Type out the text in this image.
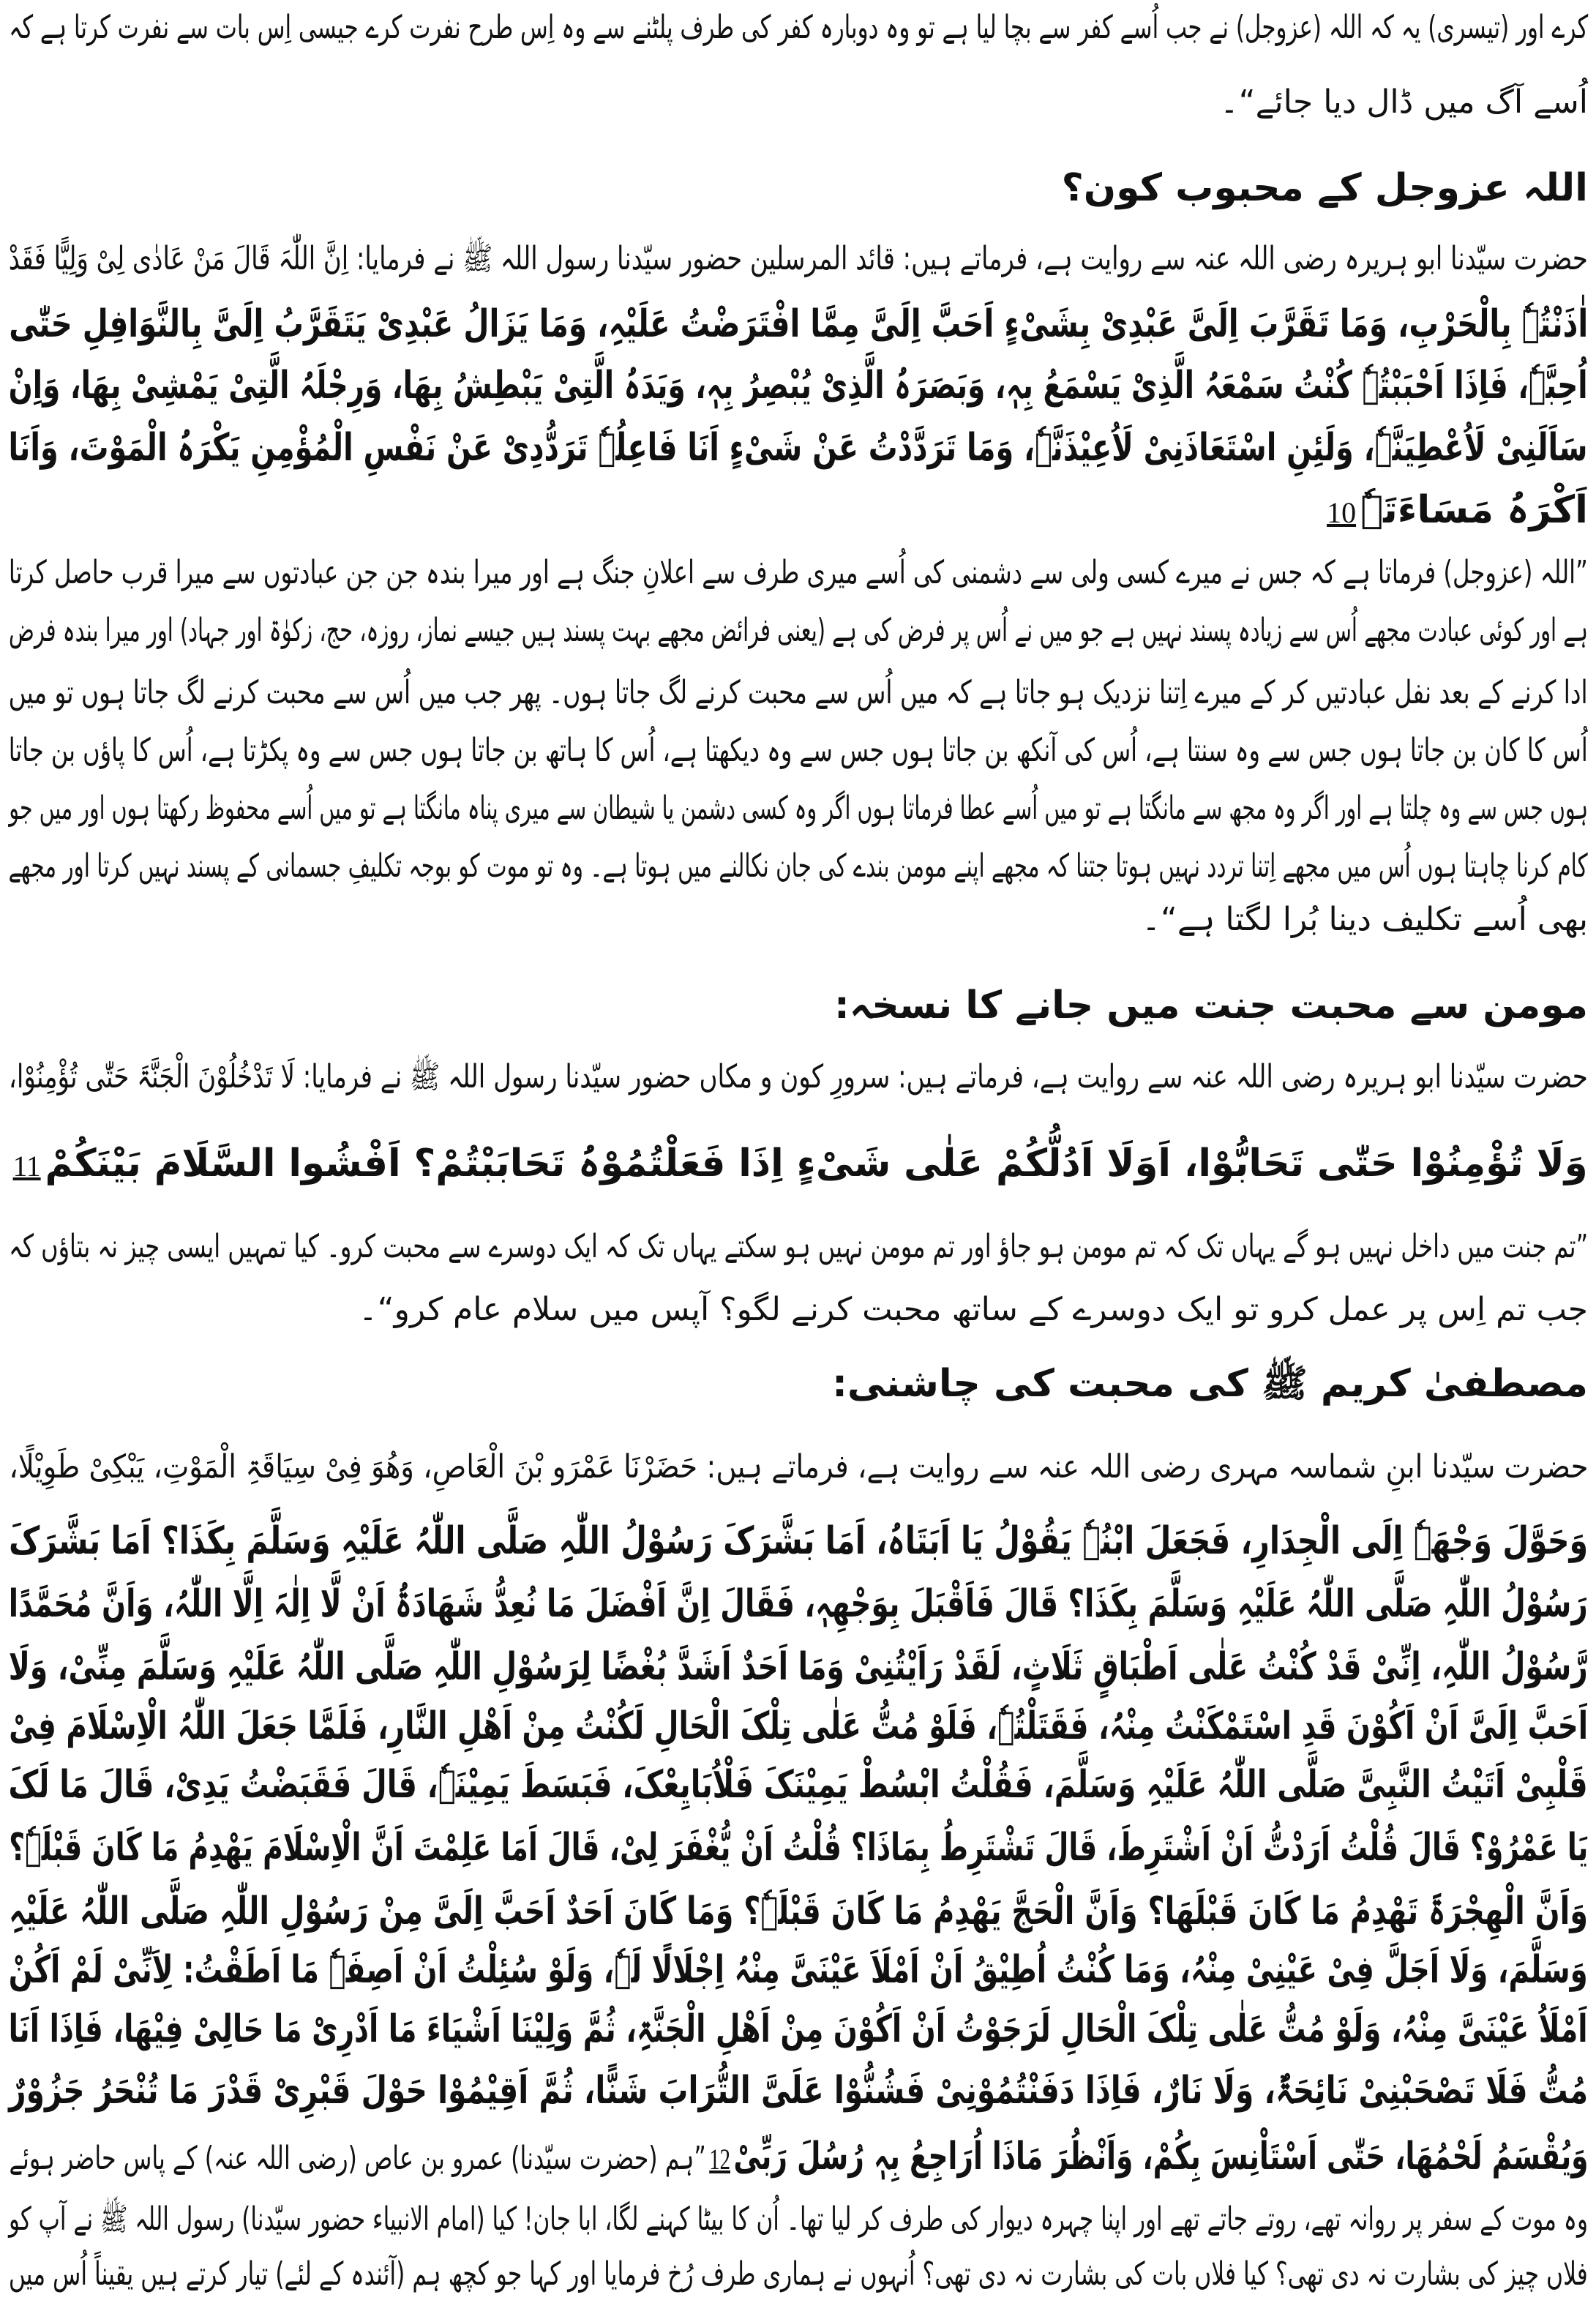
کرے اور (تیسری) یہ کہ اللہ (عزوجل) نے جب اُسے کفر سے بچا لیا ہے تو وہ دوبارہ کفر کی طرف پلٹنے سے وہ اِس طرح نفرت کرے جیسی اِس بات سے نفرت کرتا ہے کہ
اُسے آگ میں ڈال دیا جائے“۔
اللہ عزوجل کے محبوب کون؟
حضرت سیّدنا ابو ہریرہ رضی اللہ عنہ سے روایت ہے، فرماتے ہیں: قائد المرسلین حضور سیّدنا رسول اللہ ﷺ نے فرمایا: اِنَّ اللّٰہَ قَالَ مَنْ عَادٰی لِیْ وَلِیًّا فَقَدْ
اٰذَنْتُہٗ بِالْحَرْبِ، وَمَا تَقَرَّبَ اِلَیَّ عَبْدِیْ بِشَیْءٍ اَحَبَّ اِلَیَّ مِمَّا افْتَرَضْتُ عَلَیْہِ، وَمَا یَزَالُ عَبْدِیْ یَتَقَرَّبُ اِلَیَّ بِالنَّوَافِلِ حَتّٰی
اُحِبَّہٗ، فَاِذَا اَحْبَبْتُہٗ کُنْتُ سَمْعَہُ الَّذِیْ یَسْمَعُ بِہٖ، وَبَصَرَہُ الَّذِیْ یُبْصِرُ بِہٖ، وَیَدَہُ الَّتِیْ یَبْطِشُ بِھَا، وَرِجْلَہُ الَّتِیْ یَمْشِیْ بِھَا، وَاِنْ
سَاَلَنِیْ لَاُعْطِیَنَّہٗ، وَلَئِنِ اسْتَعَاذَنِیْ لَاُعِیْذَنَّہٗ، وَمَا تَرَدَّدْتُ عَنْ شَیْءٍ اَنَا فَاعِلُہٗ تَرَدُّدِیْ عَنْ نَفْسِ الْمُؤْمِنِ یَکْرَہُ الْمَوْتَ، وَاَنَا
اَکْرَہُ مَسَاءَتَہٗ10
”اللہ (عزوجل) فرماتا ہے کہ جس نے میرے کسی ولی سے دشمنی کی اُسے میری طرف سے اعلانِ جنگ ہے اور میرا بندہ جن جن عبادتوں سے میرا قرب حاصل کرتا
ہے اور کوئی عبادت مجھے اُس سے زیادہ پسند نہیں ہے جو میں نے اُس پر فرض کی ہے (یعنی فرائض مجھے بہت پسند ہیں جیسے نماز، روزہ، حج، زکوٰۃ اور جہاد) اور میرا بندہ فرض
ادا کرنے کے بعد نفل عبادتیں کر کے میرے اِتنا نزدیک ہو جاتا ہے کہ میں اُس سے محبت کرنے لگ جاتا ہوں۔ پھر جب میں اُس سے محبت کرنے لگ جاتا ہوں تو میں
اُس کا کان بن جاتا ہوں جس سے وہ سنتا ہے، اُس کی آنکھ بن جاتا ہوں جس سے وہ دیکھتا ہے، اُس کا ہاتھ بن جاتا ہوں جس سے وہ پکڑتا ہے، اُس کا پاؤں بن جاتا
ہوں جس سے وہ چلتا ہے اور اگر وہ مجھ سے مانگتا ہے تو میں اُسے عطا فرماتا ہوں اگر وہ کسی دشمن یا شیطان سے میری پناہ مانگتا ہے تو میں اُسے محفوظ رکھتا ہوں اور میں جو
کام کرنا چاہتا ہوں اُس میں مجھے اِتنا تردد نہیں ہوتا جتنا کہ مجھے اپنے مومن بندے کی جان نکالنے میں ہوتا ہے۔ وہ تو موت کو بوجہ تکلیفِ جسمانی کے پسند نہیں کرتا اور مجھے
بھی اُسے تکلیف دینا بُرا لگتا ہے“۔
مومن سے محبت جنت میں جانے کا نسخہ:
حضرت سیّدنا ابو ہریرہ رضی اللہ عنہ سے روایت ہے، فرماتے ہیں: سرورِ کون و مکاں حضور سیّدنا رسول اللہ ﷺ نے فرمایا: لَا تَدْخُلُوْنَ الْجَنَّۃَ حَتّٰی تُؤْمِنُوْا،
وَلَا تُؤْمِنُوْا حَتّٰی تَحَابُّوْا، اَوَلَا اَدُلُّکُمْ عَلٰی شَیْءٍ اِذَا فَعَلْتُمُوْہُ تَحَابَبْتُمْ؟ اَفْشُوا السَّلَامَ بَیْنَکُمْ11
”تم جنت میں داخل نہیں ہو گے یہاں تک کہ تم مومن ہو جاؤ اور تم مومن نہیں ہو سکتے یہاں تک کہ ایک دوسرے سے محبت کرو۔ کیا تمہیں ایسی چیز نہ بتاؤں کہ
جب تم اِس پر عمل کرو تو ایک دوسرے کے ساتھ محبت کرنے لگو؟ آپس میں سلام عام کرو“۔
مصطفیٰ کریم ﷺ کی محبت کی چاشنی:
حضرت سیّدنا ابنِ شماسہ مہری رضی اللہ عنہ سے روایت ہے، فرماتے ہیں: حَضَرْنَا عَمْرَو بْنَ الْعَاصِ، وَھُوَ فِیْ سِیَاقَۃِ الْمَوْتِ، یَبْکِیْ طَوِیْلًا،
وَحَوَّلَ وَجْھَہٗ اِلَی الْجِدَارِ، فَجَعَلَ ابْنُہٗ یَقُوْلُ یَا اَبَتَاہُ، اَمَا بَشَّرَکَ رَسُوْلُ اللّٰہِ صَلَّی اللّٰہُ عَلَیْہِ وَسَلَّمَ بِکَذَا؟ اَمَا بَشَّرَکَ
رَسُوْلُ اللّٰہِ صَلَّی اللّٰہُ عَلَیْہِ وَسَلَّمَ بِکَذَا؟ قَالَ فَاَقْبَلَ بِوَجْھِہٖ، فَقَالَ اِنَّ اَفْضَلَ مَا نُعِدُّ شَھَادَۃُ اَنْ لَّا اِلٰہَ اِلَّا اللّٰہُ، وَاَنَّ مُحَمَّدًا
رَّسُوْلُ اللّٰہِ، اِنِّیْ قَدْ کُنْتُ عَلٰی اَطْبَاقٍ ثَلَاثٍ، لَقَدْ رَاَیْتُنِیْ وَمَا اَحَدٌ اَشَدَّ بُغْضًا لِرَسُوْلِ اللّٰہِ صَلَّی اللّٰہُ عَلَیْہِ وَسَلَّمَ مِنِّیْ، وَلَا
اَحَبَّ اِلَیَّ اَنْ اَکُوْنَ قَدِ اسْتَمْکَنْتُ مِنْہُ، فَقَتَلْتُہٗ، فَلَوْ مُتُّ عَلٰی تِلْکَ الْحَالِ لَکُنْتُ مِنْ اَھْلِ النَّارِ، فَلَمَّا جَعَلَ اللّٰہُ الْاِسْلَامَ فِیْ
قَلْبِیْ اَتَیْتُ النَّبِیَّ صَلَّی اللّٰہُ عَلَیْہِ وَسَلَّمَ، فَقُلْتُ ابْسُطْ یَمِیْنَکَ فَلْاُبَایِعْکَ، فَبَسَطَ یَمِیْنَہٗ، قَالَ فَقَبَضْتُ یَدِیْ، قَالَ مَا لَکَ
یَا عَمْرُوْ؟ قَالَ قُلْتُ اَرَدْتُّ اَنْ اَشْتَرِطَ، قَالَ تَشْتَرِطُ بِمَاذَا؟ قُلْتُ اَنْ یُّغْفَرَ لِیْ، قَالَ اَمَا عَلِمْتَ اَنَّ الْاِسْلَامَ یَھْدِمُ مَا کَانَ قَبْلَہٗ؟
وَاَنَّ الْھِجْرَۃَ تَھْدِمُ مَا کَانَ قَبْلَھَا؟ وَاَنَّ الْحَجَّ یَھْدِمُ مَا کَانَ قَبْلَہٗ؟ وَمَا کَانَ اَحَدٌ اَحَبَّ اِلَیَّ مِنْ رَسُوْلِ اللّٰہِ صَلَّی اللّٰہُ عَلَیْہِ
وَسَلَّمَ، وَلَا اَجَلَّ فِیْ عَیْنِیْ مِنْہُ، وَمَا کُنْتُ اُطِیْقُ اَنْ اَمْلَاَ عَیْنَیَّ مِنْہُ اِجْلَالًا لَہٗ، وَلَوْ سُئِلْتُ اَنْ اَصِفَہٗ مَا اَطَقْتُ: لِاَنِّیْ لَمْ اَکُنْ
اَمْلَاُ عَیْنَیَّ مِنْہُ، وَلَوْ مُتُّ عَلٰی تِلْکَ الْحَالِ لَرَجَوْتُ اَنْ اَکُوْنَ مِنْ اَھْلِ الْجَنَّۃِ، ثُمَّ وَلِیْنَا اَشْیَاءَ مَا اَدْرِیْ مَا حَالِیْ فِیْھَا، فَاِذَا اَنَا
مُتُّ فَلَا تَصْحَبْنِیْ نَائِحَۃٌ، وَلَا نَارٌ، فَاِذَا دَفَنْتُمُوْنِیْ فَشُنُّوْا عَلَیَّ التُّرَابَ شَنًّا، ثُمَّ اَقِیْمُوْا حَوْلَ قَبْرِیْ قَدْرَ مَا تُنْحَرُ جَزُوْرٌ
وَیُقْسَمُ لَحْمُھَا، حَتّٰی اَسْتَاْنِسَ بِکُمْ، وَاَنْظُرَ مَاذَا اُرَاجِعُ بِہٖ رُسُلَ رَبِّیْ12”ہم (حضرت سیّدنا) عمرو بن عاص (رضی اللہ عنہ) کے پاس حاضر ہوئے
وہ موت کے سفر پر روانہ تھے، روتے جاتے تھے اور اپنا چہرہ دیوار کی طرف کر لیا تھا۔ اُن کا بیٹا کہنے لگا، ابا جان! کیا (امام الانبیاء حضور سیّدنا) رسول اللہ ﷺ نے آپ کو
فلاں چیز کی بشارت نہ دی تھی؟ کیا فلاں بات کی بشارت نہ دی تھی؟ اُنہوں نے ہماری طرف رُخ فرمایا اور کہا جو کچھ ہم (آئندہ کے لئے) تیار کرتے ہیں یقیناً اُس میں
